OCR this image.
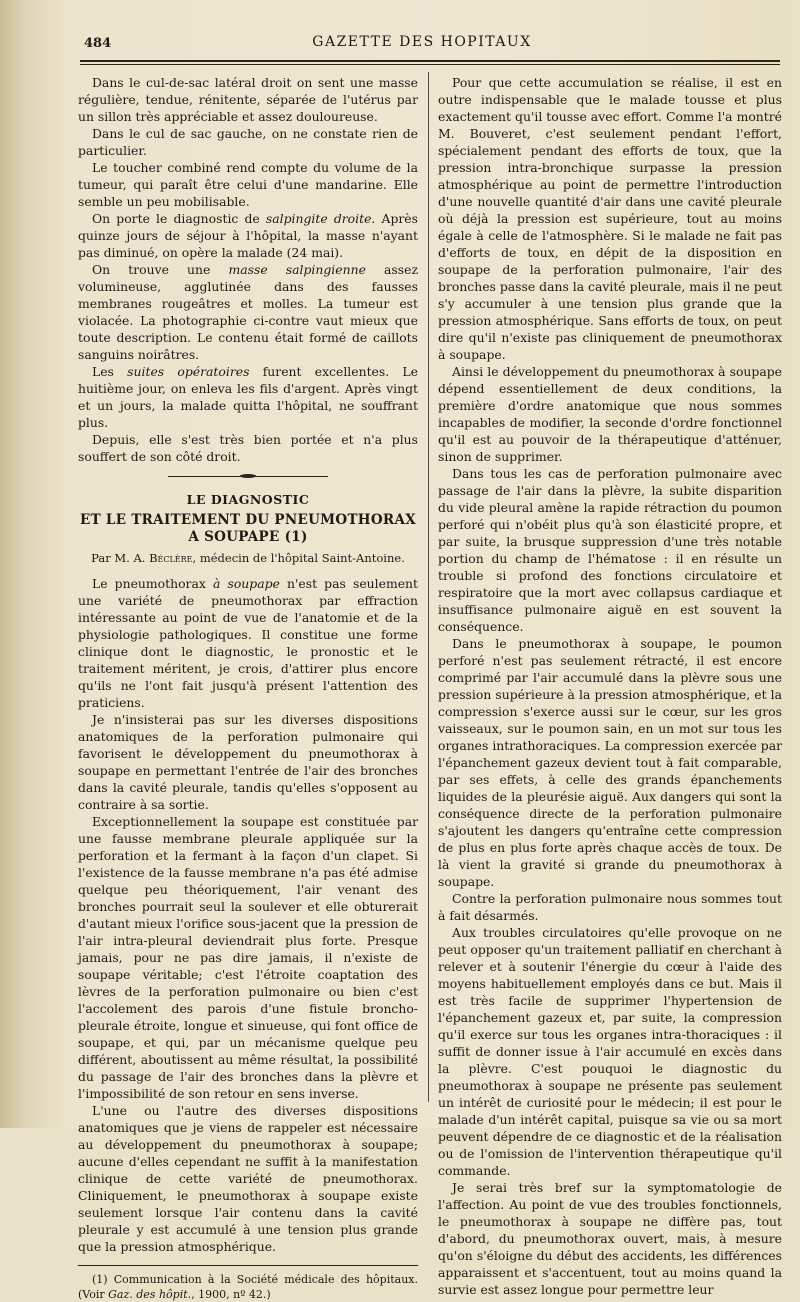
484	GAZETTE DES HOPITAUX

Dans le cul-de-sac latéral droit on sent une masse régulière, tendue, rénitente, séparée de l'utérus par un sillon très appréciable et assez douloureuse.

Dans le cul de sac gauche, on ne constate rien de particulier.

Le toucher combiné rend compte du volume de la tumeur, qui paraît être celui d'une mandarine. Elle semble un peu mobilisable.

On porte le diagnostic de salpingite droite. Après quinze jours de séjour à l'hôpital, la masse n'ayant pas diminué, on opère la malade (24 mai).

On trouve une masse salpingienne assez volumineuse, agglutinée dans des fausses membranes rougeâtres et molles. La tumeur est violacée. La photographie ci-contre vaut mieux que toute description. Le contenu était formé de caillots sanguins noirâtres.

Les suites opératoires furent excellentes. Le huitième jour, on enleva les fils d'argent. Après vingt et un jours, la malade quitta l'hôpital, ne souffrant plus.

Depuis, elle s'est très bien portée et n'a plus souffert de son côté droit.

LE DIAGNOSTIC
ET LE TRAITEMENT DU PNEUMOTHORAX A SOUPAPE (1)
Par M. A. Béclère, médecin de l'hôpital Saint-Antoine.

Le pneumothorax à soupape n'est pas seulement une variété de pneumothorax par effraction intéressante au point de vue de l'anatomie et de la physiologie pathologiques. Il constitue une forme clinique dont le diagnostic, le pronostic et le traitement méritent, je crois, d'attirer plus encore qu'ils ne l'ont fait jusqu'à présent l'attention des praticiens.

Je n'insisterai pas sur les diverses dispositions anatomiques de la perforation pulmonaire qui favorisent le développement du pneumothorax à soupape en permettant l'entrée de l'air des bronches dans la cavité pleurale, tandis qu'elles s'opposent au contraire à sa sortie.

Exceptionnellement la soupape est constituée par une fausse membrane pleurale appliquée sur la perforation et la fermant à la façon d'un clapet. Si l'existence de la fausse membrane n'a pas été admise quelque peu théoriquement, l'air venant des bronches pourrait seul la soulever et elle obturerait d'autant mieux l'orifice sous-jacent que la pression de l'air intra-pleural deviendrait plus forte. Presque jamais, pour ne pas dire jamais, il n'existe de soupape véritable; c'est l'étroite coaptation des lèvres de la perforation pulmonaire ou bien c'est l'accolement des parois d'une fistule broncho-pleurale étroite, longue et sinueuse, qui font office de soupape, et qui, par un mécanisme quelque peu différent, aboutissent au même résultat, la possibilité du passage de l'air des bronches dans la plèvre et l'impossibilité de son retour en sens inverse.

L'une ou l'autre des diverses dispositions anatomiques que je viens de rappeler est nécessaire au développement du pneumothorax à soupape; aucune d'elles cependant ne suffit à la manifestation clinique de cette variété de pneumothorax. Cliniquement, le pneumothorax à soupape existe seulement lorsque l'air contenu dans la cavité pleurale y est accumulé à une tension plus grande que la pression atmosphérique.

(1) Communication à la Société médicale des hôpitaux. (Voir Gaz. des hôpit., 1900, nº 42.)

Pour que cette accumulation se réalise, il est en outre indispensable que le malade tousse et plus exactement qu'il tousse avec effort. Comme l'a montré M. Bouveret, c'est seulement pendant l'effort, spécialement pendant des efforts de toux, que la pression intra-bronchique surpasse la pression atmosphérique au point de permettre l'introduction d'une nouvelle quantité d'air dans une cavité pleurale où déjà la pression est supérieure, tout au moins égale à celle de l'atmosphère. Si le malade ne fait pas d'efforts de toux, en dépit de la disposition en soupape de la perforation pulmonaire, l'air des bronches passe dans la cavité pleurale, mais il ne peut s'y accumuler à une tension plus grande que la pression atmosphérique. Sans efforts de toux, on peut dire qu'il n'existe pas cliniquement de pneumothorax à soupape.

Ainsi le développement du pneumothorax à soupape dépend essentiellement de deux conditions, la première d'ordre anatomique que nous sommes incapables de modifier, la seconde d'ordre fonctionnel qu'il est au pouvoir de la thérapeutique d'atténuer, sinon de supprimer.

Dans tous les cas de perforation pulmonaire avec passage de l'air dans la plèvre, la subite disparition du vide pleural amène la rapide rétraction du poumon perforé qui n'obéit plus qu'à son élasticité propre, et par suite, la brusque suppression d'une très notable portion du champ de l'hématose : il en résulte un trouble si profond des fonctions circulatoire et respiratoire que la mort avec collapsus cardiaque et insuffisance pulmonaire aiguë en est souvent la conséquence.

Dans le pneumothorax à soupape, le poumon perforé n'est pas seulement rétracté, il est encore comprimé par l'air accumulé dans la plèvre sous une pression supérieure à la pression atmosphérique, et la compression s'exerce aussi sur le cœur, sur les gros vaisseaux, sur le poumon sain, en un mot sur tous les organes intrathoraciques. La compression exercée par l'épanchement gazeux devient tout à fait comparable, par ses effets, à celle des grands épanchements liquides de la pleurésie aiguë. Aux dangers qui sont la conséquence directe de la perforation pulmonaire s'ajoutent les dangers qu'entraîne cette compression de plus en plus forte après chaque accès de toux. De là vient la gravité si grande du pneumothorax à soupape.

Contre la perforation pulmonaire nous sommes tout à fait désarmés.

Aux troubles circulatoires qu'elle provoque on ne peut opposer qu'un traitement palliatif en cherchant à relever et à soutenir l'énergie du cœur à l'aide des moyens habituellement employés dans ce but. Mais il est très facile de supprimer l'hypertension de l'épanchement gazeux et, par suite, la compression qu'il exerce sur tous les organes intra-thoraciques : il suffit de donner issue à l'air accumulé en excès dans la plèvre. C'est pouquoi le diagnostic du pneumothorax à soupape ne présente pas seulement un intérêt de curiosité pour le médecin; il est pour le malade d'un intérêt capital, puisque sa vie ou sa mort peuvent dépendre de ce diagnostic et de la réalisation ou de l'omission de l'intervention thérapeutique qu'il commande.

Je serai très bref sur la symptomatologie de l'affection. Au point de vue des troubles fonctionnels, le pneumothorax à soupape ne diffère pas, tout d'abord, du pneumothorax ouvert, mais, à mesure qu'on s'éloigne du début des accidents, les différences apparaissent et s'accentuent, tout au moins quand la survie est assez longue pour permettre leur
